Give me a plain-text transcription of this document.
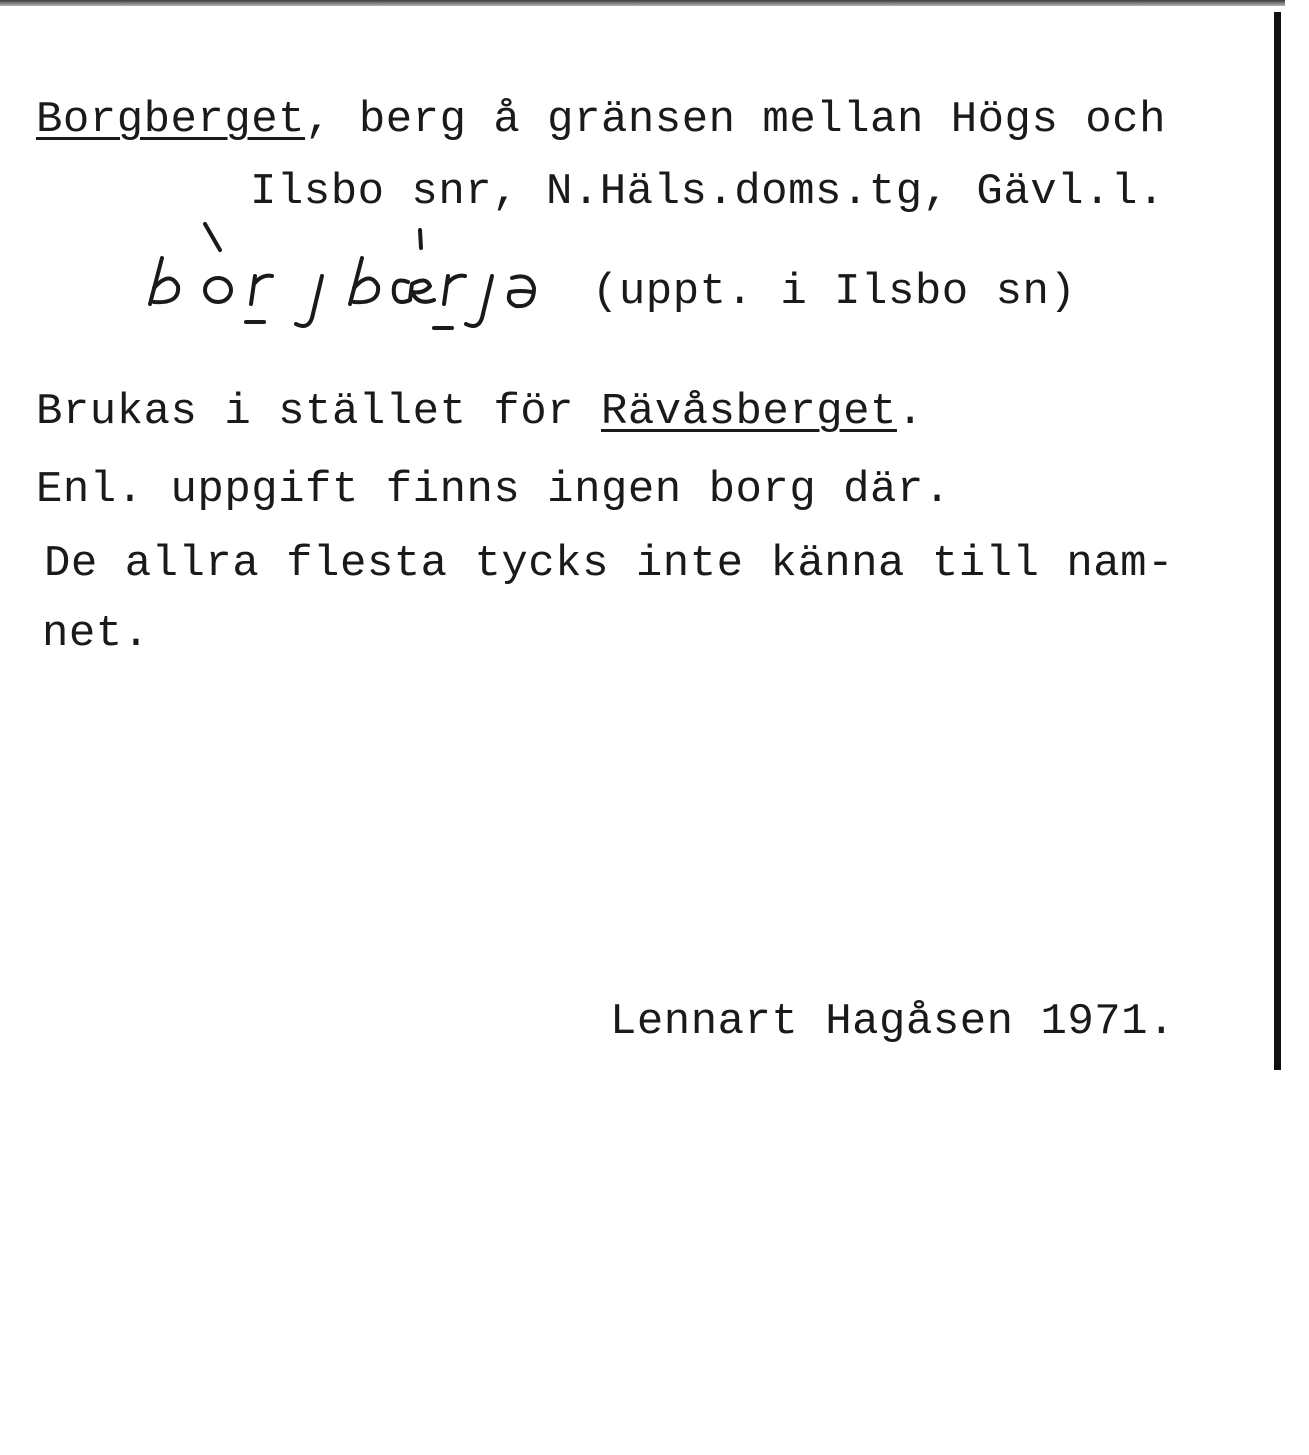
Borgberget, berg å gränsen mellan Högs och
Ilsbo snr, N.Häls.doms.tg, Gävl.l.
(uppt. i Ilsbo sn)
Brukas i stället för Rävåsberget.
Enl. uppgift finns ingen borg där.
De allra flesta tycks inte känna till nam-
net.
Lennart Hagåsen 1971.
